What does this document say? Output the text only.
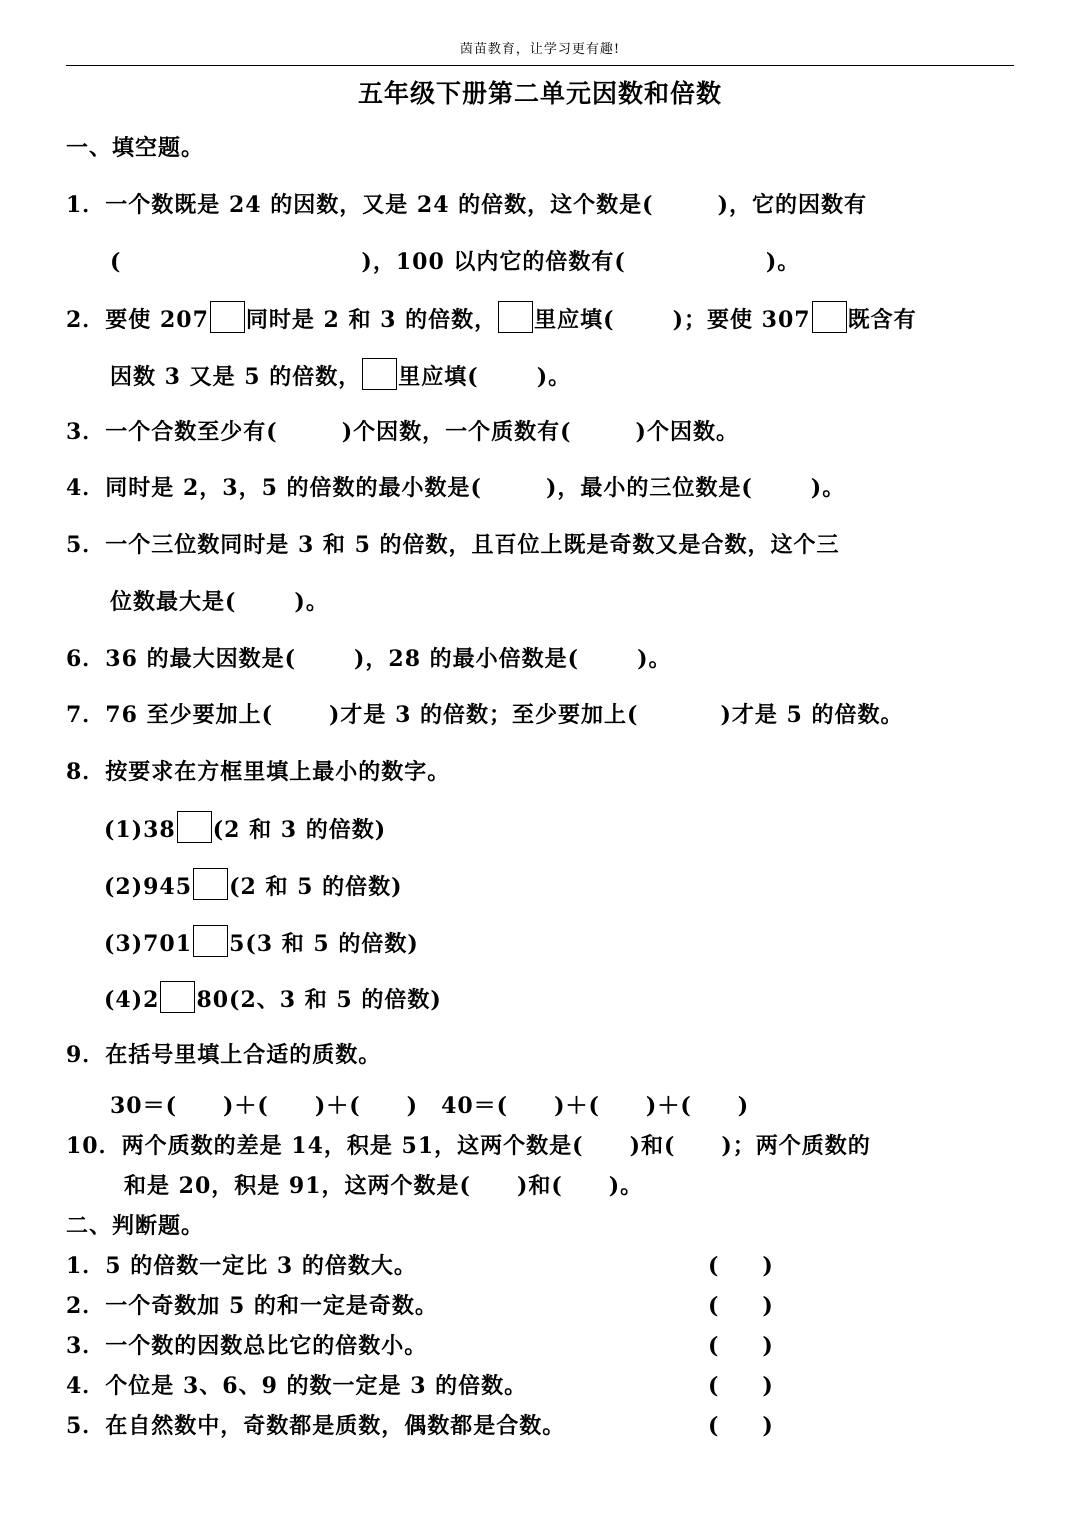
茵苗教育，让学习更有趣!
五年级下册第二单元因数和倍数
一、填空题。
1．一个数既是 24 的因数，又是 24 的倍数，这个数是(	)，它的因数有
(	)，100 以内它的倍数有(	)。
2．要使 207 同时是 2 和 3 的倍数， 里应填(	)；要使 307 既含有
因数 3 又是 5 的倍数， 里应填(	)。
3．一个合数至少有(	)个因数，一个质数有(	)个因数。
4．同时是 2，3，5 的倍数的最小数是(	)，最小的三位数是(	)。
5．一个三位数同时是 3 和 5 的倍数，且百位上既是奇数又是合数，这个三
位数最大是(	)。
6．36 的最大因数是(	)，28 的最小倍数是(	)。
7．76 至少要加上(	)才是 3 的倍数；至少要加上(	)才是 5 的倍数。
8．按要求在方框里填上最小的数字。
(1)38 (2 和 3 的倍数)
(2)945 (2 和 5 的倍数)
(3)701 5(3 和 5 的倍数)
(4)2 80(2、3 和 5 的倍数)
9．在括号里填上合适的质数。
30＝(　　)＋(　　)＋(　　)　40＝(　　)＋(　　)＋(　　)
10．两个质数的差是 14，积是 51，这两个数是(　　)和(　　)；两个质数的
和是 20，积是 91，这两个数是(　　)和(　　)。
二、判断题。
1．5 的倍数一定比 3 的倍数大。	(　　)
2．一个奇数加 5 的和一定是奇数。	(　　)
3．一个数的因数总比它的倍数小。	(　　)
4．个位是 3、6、9 的数一定是 3 的倍数。	(　　)
5．在自然数中，奇数都是质数，偶数都是合数。	(　　)
